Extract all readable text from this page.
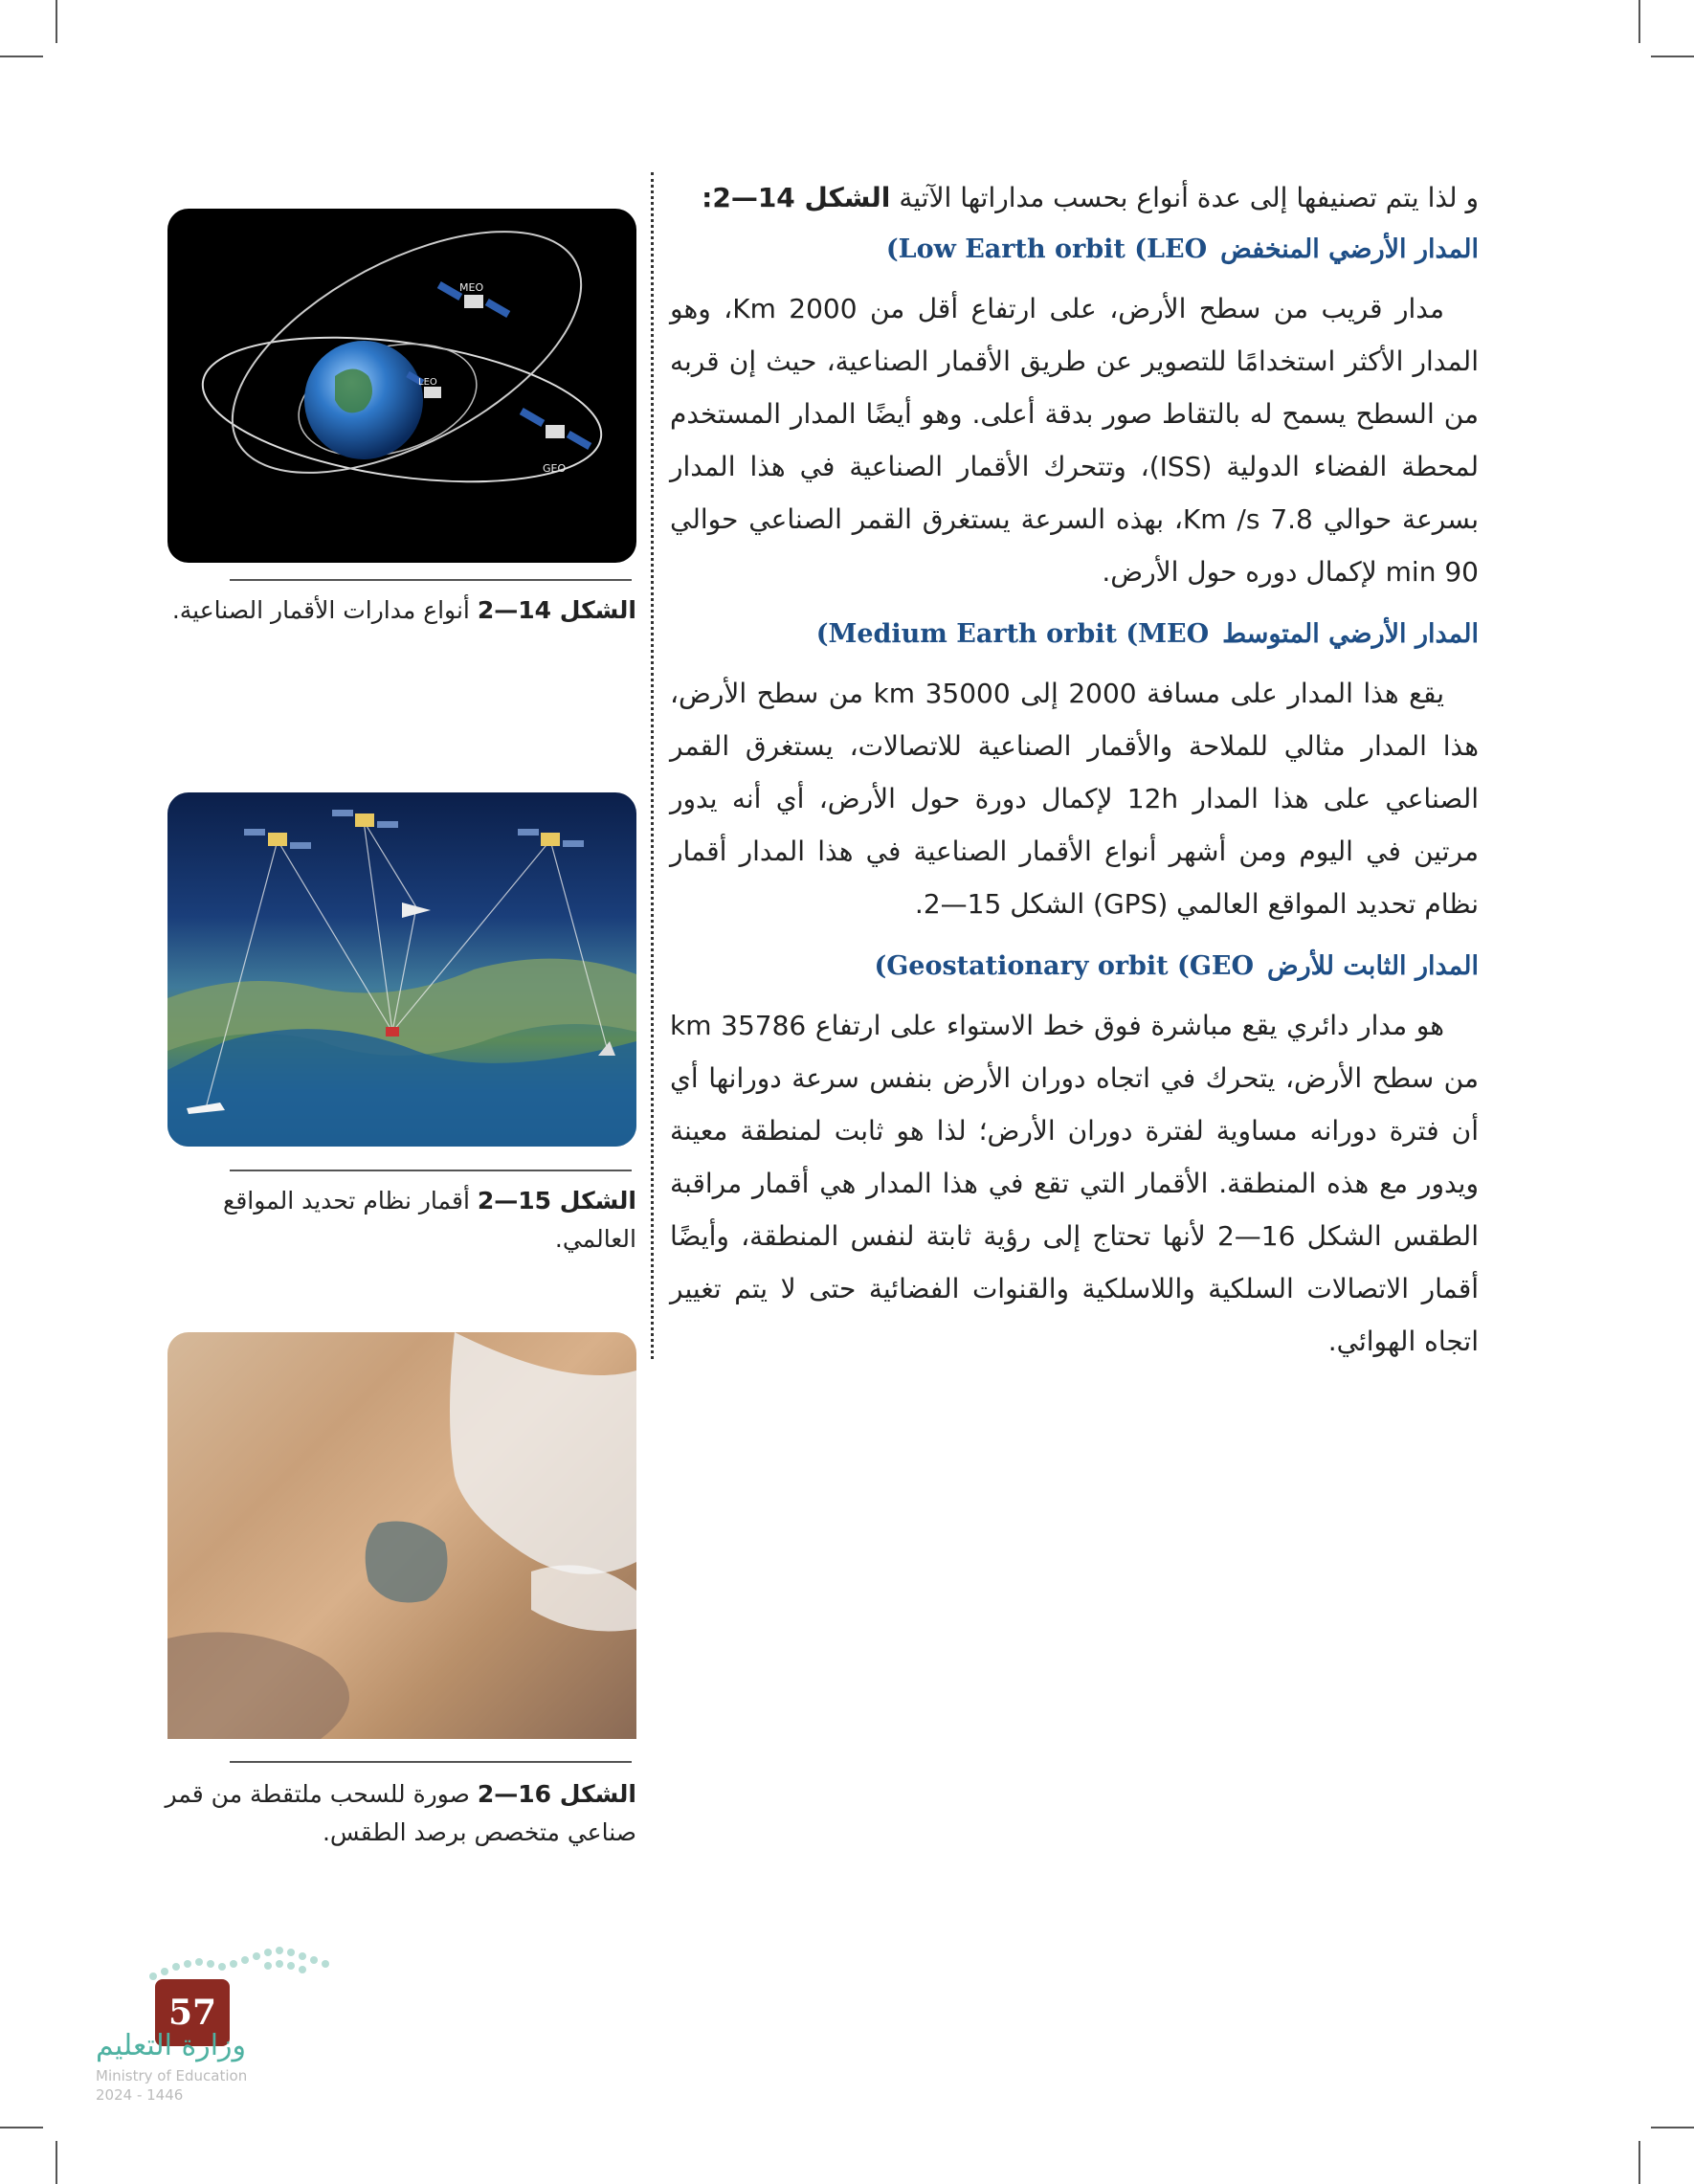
و لذا يتم تصنيفها إلى عدة أنواع بحسب مداراتها الآتية الشكل 14—2:

المدار الأرضي المنخفض(Low Earth orbit (LEO

مدار قريب من سطح الأرض، على ارتفاع أقل من 2000 Km، وهو المدار الأكثر استخدامًا للتصوير عن طريق الأقمار الصناعية، حيث إن قربه من السطح يسمح له بالتقاط صور بدقة أعلى. وهو أيضًا المدار المستخدم لمحطة الفضاء الدولية (ISS)، وتتحرك الأقمار الصناعية في هذا المدار بسرعة حوالي 7.8 Km /s، بهذه السرعة يستغرق القمر الصناعي حوالي 90 min لإكمال دوره حول الأرض.

المدار الأرضي المتوسط(Medium Earth orbit (MEO

يقع هذا المدار على مسافة 2000 إلى 35000 km من سطح الأرض، هذا المدار مثالي للملاحة والأقمار الصناعية للاتصالات، يستغرق القمر الصناعي على هذا المدار 12h لإكمال دورة حول الأرض، أي أنه يدور مرتين في اليوم ومن أشهر أنواع الأقمار الصناعية في هذا المدار أقمار نظام تحديد المواقع العالمي (GPS) الشكل 15—2.

المدار الثابت للأرض(Geostationary orbit (GEO

هو مدار دائري يقع مباشرة فوق خط الاستواء على ارتفاع 35786 km من سطح الأرض، يتحرك في اتجاه دوران الأرض بنفس سرعة دورانها أي أن فترة دورانه مساوية لفترة دوران الأرض؛ لذا هو ثابت لمنطقة معينة ويدور مع هذه المنطقة. الأقمار التي تقع في هذا المدار هي أقمار مراقبة الطقس الشكل 16—2 لأنها تحتاج إلى رؤية ثابتة لنفس المنطقة، وأيضًا أقمار الاتصالات السلكية واللاسلكية والقنوات الفضائية حتى لا يتم تغيير اتجاه الهوائي.

MEO
LEO
GEO
الشكل 14—2 أنواع مدارات الأقمار الصناعية.
الشكل 15—2 أقمار نظام تحديد المواقع العالمي.
الشكل 16—2 صورة للسحب ملتقطة من قمر صناعي متخصص برصد الطقس.
57
وزارة التعليم
Ministry of Education
2024 - 1446
